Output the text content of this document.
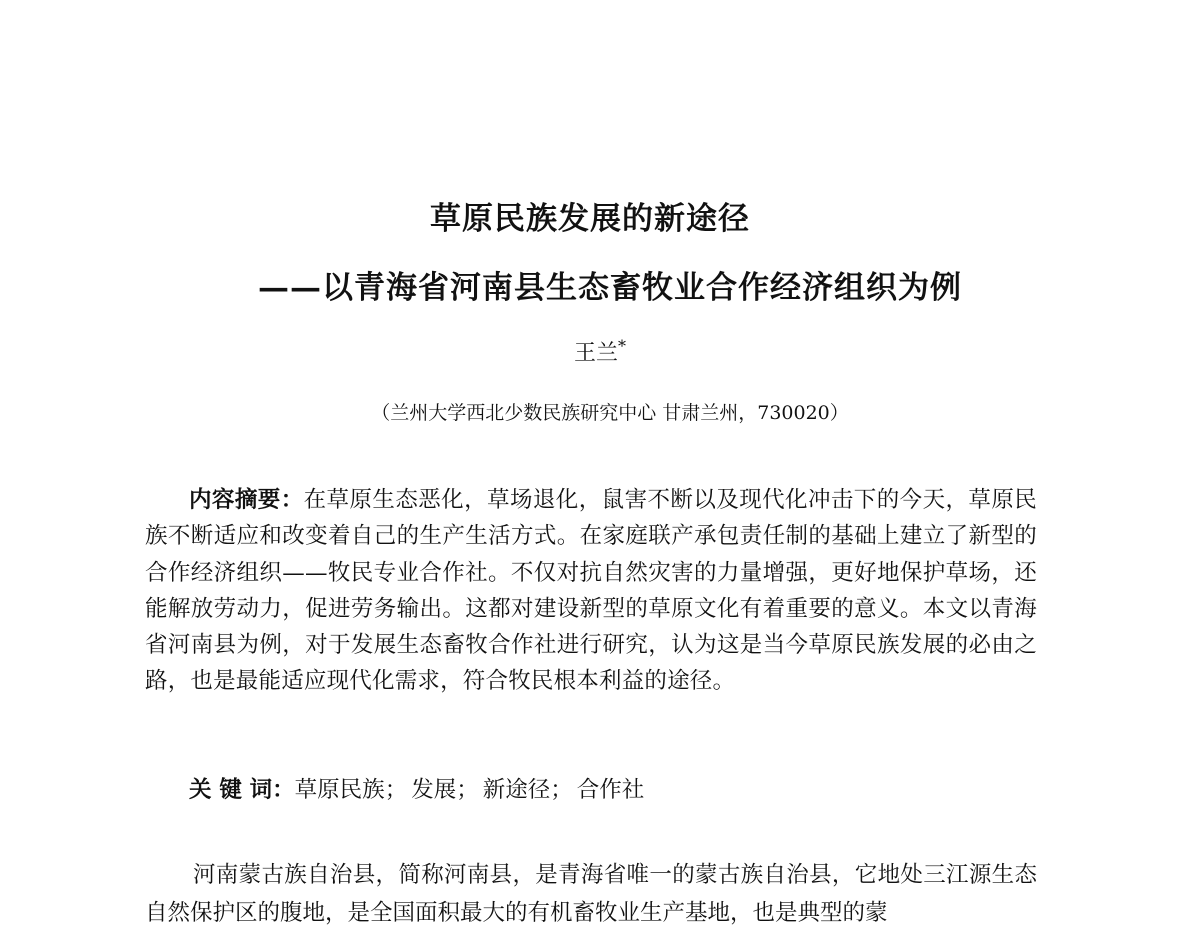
草原民族发展的新途径
——以青海省河南县生态畜牧业合作经济组织为例
王兰*
（兰州大学西北少数民族研究中心 甘肃兰州，730020）

内容摘要：在草原生态恶化，草场退化，鼠害不断以及现代化冲击下的今天，草原民族不断适应和改变着自己的生产生活方式。在家庭联产承包责任制的基础上建立了新型的合作经济组织——牧民专业合作社。不仅对抗自然灾害的力量增强，更好地保护草场，还能解放劳动力，促进劳务输出。这都对建设新型的草原文化有着重要的意义。本文以青海省河南县为例，对于发展生态畜牧合作社进行研究，认为这是当今草原民族发展的必由之路，也是最能适应现代化需求，符合牧民根本利益的途径。

关 键 词：草原民族； 发展； 新途径； 合作社

河南蒙古族自治县，简称河南县，是青海省唯一的蒙古族自治县，它地处三江源生态自然保护区的腹地，是全国面积最大的有机畜牧业生产基地，也是典型的蒙
